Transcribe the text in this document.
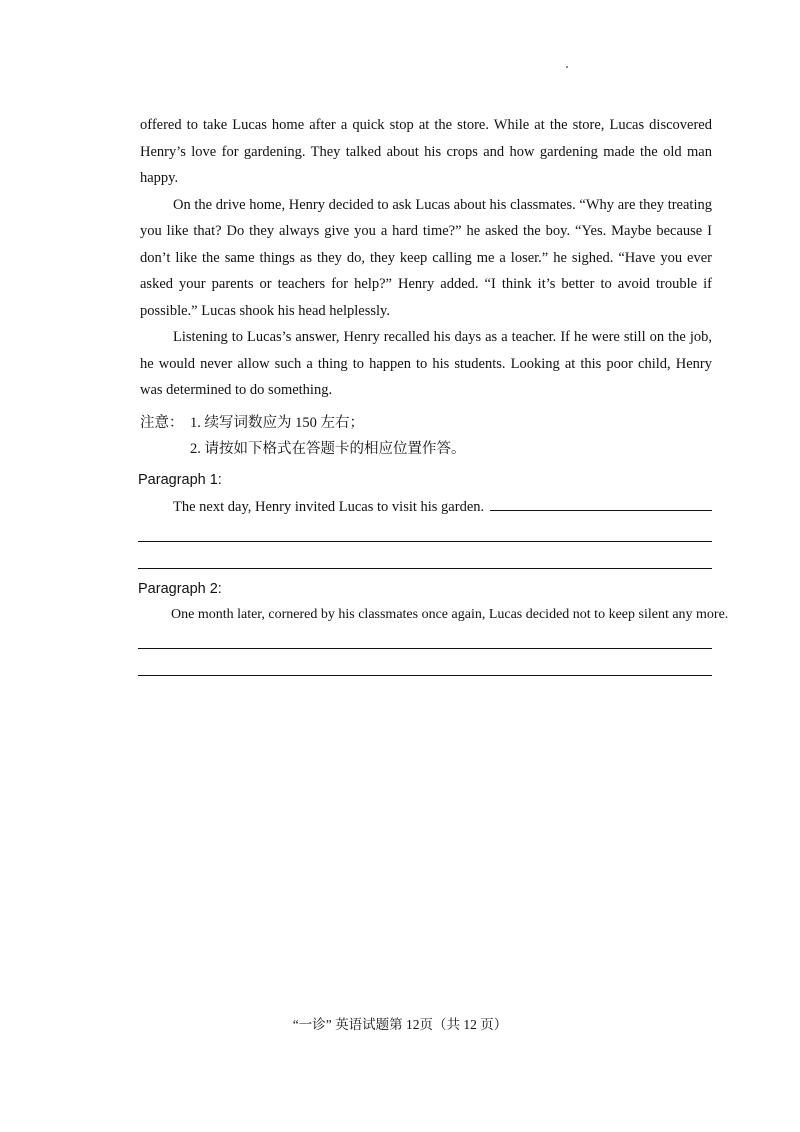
offered to take Lucas home after a quick stop at the store. While at the store, Lucas discovered Henry’s love for gardening. They talked about his crops and how gardening made the old man happy.

On the drive home, Henry decided to ask Lucas about his classmates. “Why are they treating you like that? Do they always give you a hard time?” he asked the boy. “Yes. Maybe because I don’t like the same things as they do, they keep calling me a loser.” he sighed. “Have you ever asked your parents or teachers for help?” Henry added. “I think it’s better to avoid trouble if possible.” Lucas shook his head helplessly.

Listening to Lucas’s answer, Henry recalled his days as a teacher. If he were still on the job, he would never allow such a thing to happen to his students. Looking at this poor child, Henry was determined to do something.

注意： 1. 续写词数应为 150 左右；
2. 请按如下格式在答题卡的相应位置作答。
Paragraph 1:
The next day, Henry invited Lucas to visit his garden.
Paragraph 2:
One month later, cornered by his classmates once again, Lucas decided not to keep silent any more.
“一诊” 英语试题第 12页（共 12 页）
